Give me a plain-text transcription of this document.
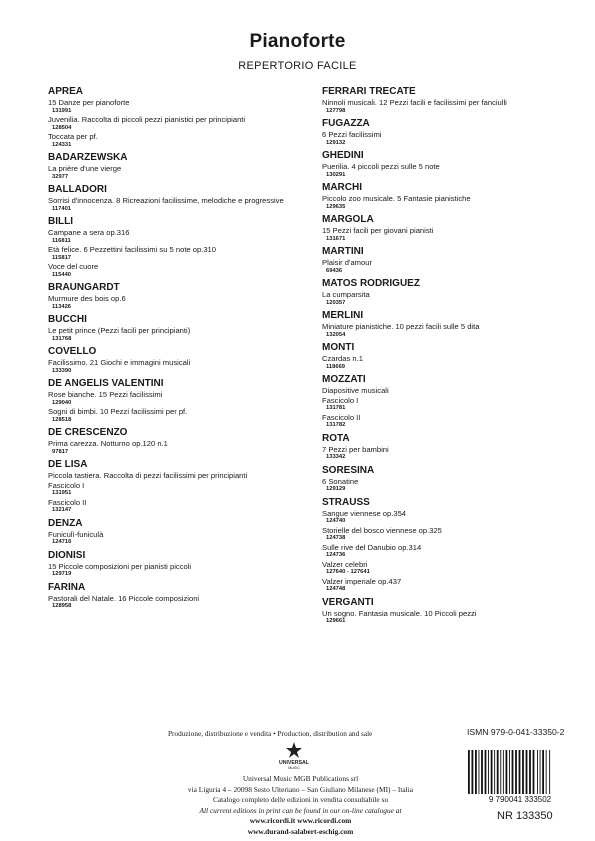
Pianoforte
REPERTORIO FACILE
APREA
15 Danze per pianoforte
131991
Juvenilia. Raccolta di piccoli pezzi pianistici per principianti
128504
Toccata per pf.
124331
BADARZEWSKA
La prière d'une vierge
32977
BALLADORI
Sorrisi d'innocenza. 8 Ricreazioni facilissime, melodiche e progressive
117401
BILLI
Campane a sera op.316
116811
Età felice. 6 Pezzettini facilissimi su 5 note op.310
115817
Voce del cuore
115440
BRAUNGARDT
Murmure des bois op.6
113426
BUCCHI
Le petit prince (Pezzi facili per principianti)
131768
COVELLO
Facilissimo. 21 Giochi e immagini musicali
133390
DE ANGELIS VALENTINI
Rose bianche. 15 Pezzi facilissimi
129040
Sogni di bimbi. 10 Pezzi facilissimi per pf.
128518
DE CRESCENZO
Prima carezza. Notturno op.120 n.1
97817
DE LISA
Piccola tastiera. Raccolta di pezzi facilissimi per principianti
Fascicolo I
131951
Fascicolo II
132147
DENZA
Funiculì-funiculà
124716
DIONISI
15 Piccole composizioni per pianisti piccoli
129719
FARINA
Pastorali del Natale. 16 Piccole composizioni
128958
FERRARI TRECATE
Ninnoli musicali. 12 Pezzi facili e facilissimi per fanciulli
127798
FUGAZZA
6 Pezzi facilissimi
129132
GHEDINI
Puerilia. 4 piccoli pezzi sulle 5 note
130291
MARCHI
Piccolo zoo musicale. 5 Fantasie pianistiche
129635
MARGOLA
15 Pezzi facili per giovani pianisti
131671
MARTINI
Plaisir d'amour
69436
MATOS RODRIGUEZ
La cumparsita
120357
MERLINI
Miniature pianistiche. 10 pezzi facili sulle 5 dita
132054
MONTI
Czardas n.1
118669
MOZZATI
Diapositive musicali
Fascicolo I
131781
Fascicolo II
131782
ROTA
7 Pezzi per bambini
133342
SORESINA
6 Sonatine
129129
STRAUSS
Sangue viennese op.354
124740
Storielle del bosco viennese op.325
124738
Sulle rive del Danubio op.314
124736
Valzer celebri
127640 - 127641
Valzer imperiale op.437
124748
VERGANTI
Un sogno. Fantasia musicale. 10 Piccoli pezzi
129661
Produzione, distribuzione e vendita • Production, distribution and sale	ISMN 979-0-041-33350-2
UNIVERSAL
MUSIC
Universal Music MGB Publications srl
via Liguria 4 – 20098 Sesto Ulteriano – San Giuliano Milanese (MI) – Italia
Catalogo completo delle edizioni in vendita consultabile su
All current editions in print can be found in our on-line catalogue at
www.ricordi.it www.ricordi.com
www.durand-salabert-eschig.com
9 790041 333502
NR 133350
